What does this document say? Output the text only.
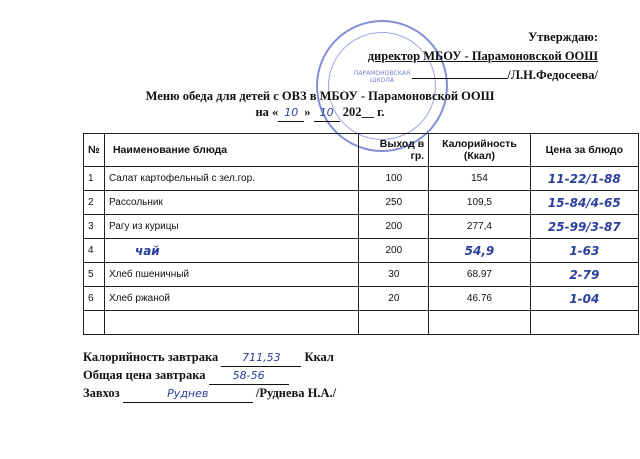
ПАРАМОНОВСКАЯ ШКОЛА
Утверждаю:
директор МБОУ - Парамоновской ООШ
/Л.Н.Федосеева/
Меню обеда для детей с ОВЗ в МБОУ - Парамоновской ООШ
на « 10 » 10 202__ г.
№	Наименование блюда	Выход в гр.	Калорийность (Ккал)	Цена за блюдо
1	Салат картофельный с зел.гор.	100	154	11-22/1-88
2	Рассольник	250	109,5	15-84/4-65
3	Рагу из курицы	200	277,4	25-99/3-87
4	чай	200	54,9	1-63
5	Хлеб пшеничный	30	68.97	2-79
6	Хлеб ржаной	20	46.76	1-04

Калорийность завтрака 711,53 Ккал
Общая цена завтрака 58-56
Завхоз	Руднев	/Руднева Н.А./
